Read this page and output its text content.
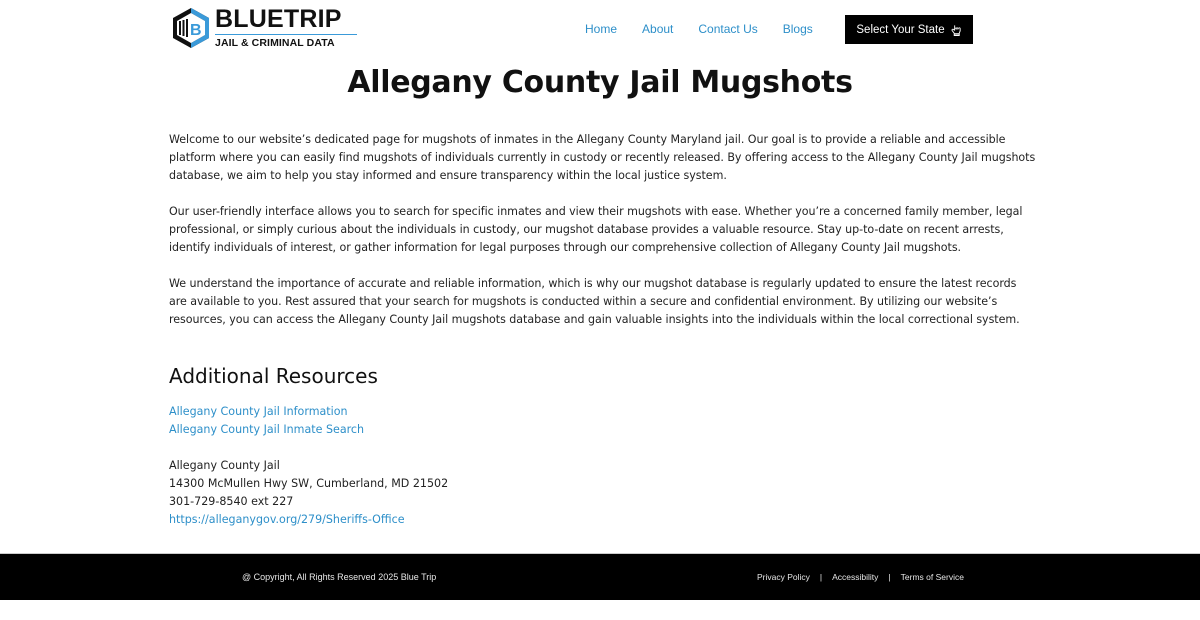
B BLUETRIP
JAIL & CRIMINAL DATA
Home About Contact Us Blogs	Select Your State
Allegany County Jail Mugshots

Welcome to our website’s dedicated page for mugshots of inmates in the Allegany County Maryland jail. Our goal is to provide a reliable and accessible platform where you can easily find mugshots of individuals currently in custody or recently released. By offering access to the Allegany County Jail mugshots database, we aim to help you stay informed and ensure transparency within the local justice system.

Our user-friendly interface allows you to search for specific inmates and view their mugshots with ease. Whether you’re a concerned family member, legal professional, or simply curious about the individuals in custody, our mugshot database provides a valuable resource. Stay up-to-date on recent arrests, identify individuals of interest, or gather information for legal purposes through our comprehensive collection of Allegany County Jail mugshots.

We understand the importance of accurate and reliable information, which is why our mugshot database is regularly updated to ensure the latest records are available to you. Rest assured that your search for mugshots is conducted within a secure and confidential environment. By utilizing our website’s resources, you can access the Allegany County Jail mugshots database and gain valuable insights into the individuals within the local correctional system.

Additional Resources
Allegany County Jail Information
Allegany County Jail Inmate Search
Allegany County Jail
14300 McMullen Hwy SW, Cumberland, MD 21502
301-729-8540 ext 227
https://alleganygov.org/279/Sheriffs-Office
@ Copyright, All Rights Reserved 2025 Blue Trip	Privacy Policy | Accessibility | Terms of Service
